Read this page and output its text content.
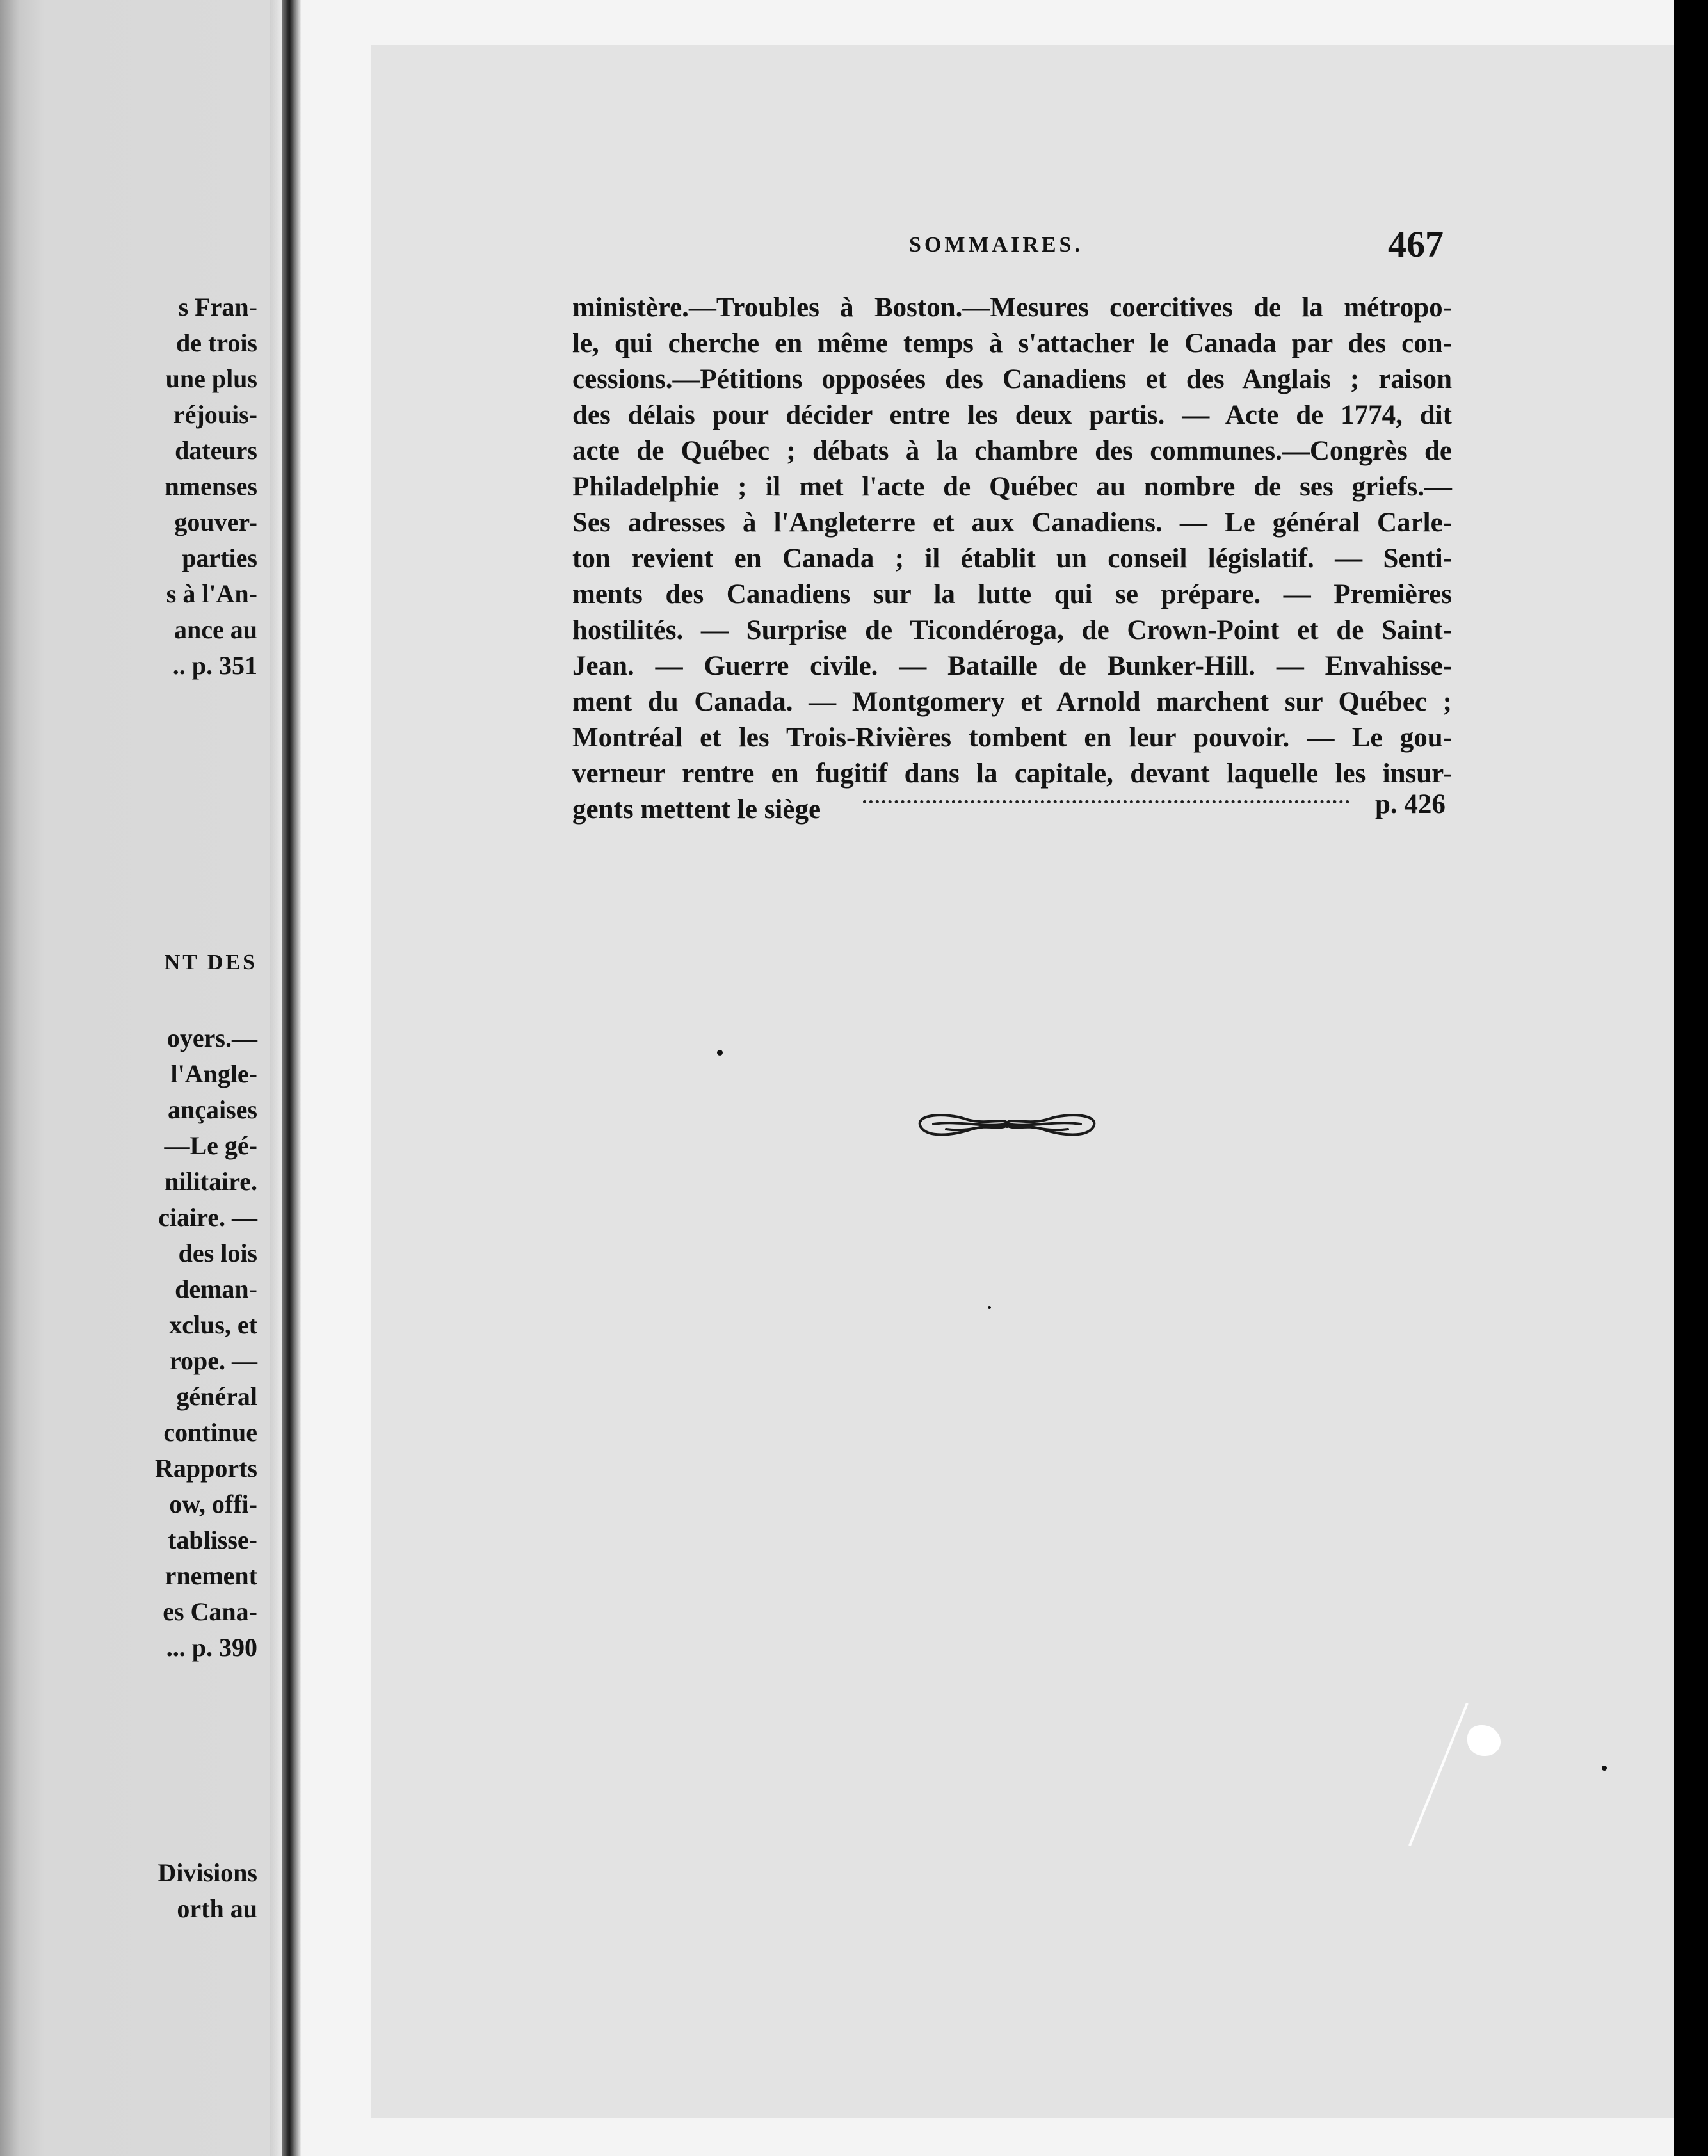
s Fran-
de trois
une plus
réjouis-
dateurs
nmenses
gouver-
parties
s à l'An-
ance au
.. p. 351
NT DES
oyers.—
l'Angle-
ançaises
—Le gé-
nilitaire.
ciaire. —
des lois
deman-
xclus, et
rope. —
général
continue
Rapports
ow, offi-
tablisse-
rnement
es Cana-
... p. 390
Divisions
orth au
SOMMAIRES.	467
ministère.—Troubles à Boston.—Mesures coercitives de la métropo-
le, qui cherche en même temps à s'attacher le Canada par des con-
cessions.—Pétitions opposées des Canadiens et des Anglais ; raison
des délais pour décider entre les deux partis. — Acte de 1774, dit
acte de Québec ; débats à la chambre des communes.—Congrès de
Philadelphie ; il met l'acte de Québec au nombre de ses griefs.—
Ses adresses à l'Angleterre et aux Canadiens. — Le général Carle-
ton revient en Canada ; il établit un conseil législatif. — Senti-
ments des Canadiens sur la lutte qui se prépare. — Premières
hostilités. — Surprise de Ticondéroga, de Crown-Point et de Saint-
Jean. — Guerre civile. — Bataille de Bunker-Hill. — Envahisse-
ment du Canada. — Montgomery et Arnold marchent sur Québec ;
Montréal et les Trois-Rivières tombent en leur pouvoir. — Le gou-
verneur rentre en fugitif dans la capitale, devant laquelle les insur-
gents mettent le siège	p. 426
